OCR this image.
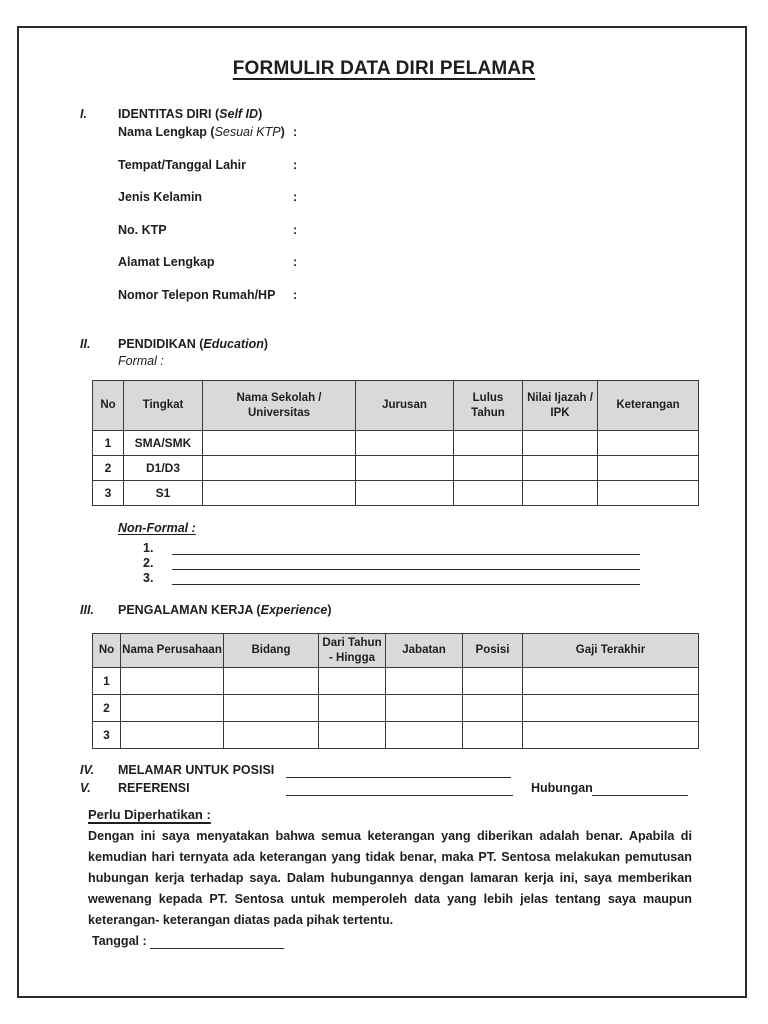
FORMULIR DATA DIRI PELAMAR
I. IDENTITAS DIRI (Self ID)
Nama Lengkap (Sesuai KTP) :
Tempat/Tanggal Lahir	:
Jenis Kelamin	:
No. KTP	:
Alamat Lengkap	:
Nomor Telepon Rumah/HP :
II. PENDIDIKAN (Education)
Formal :
No	Tingkat	Nama Sekolah / Universitas	Jurusan	Lulus Tahun	Nilai Ijazah / IPK	Keterangan
1	SMA/SMK					
2	D1/D3					
3	S1					
Non-Formal :
1.
2.
3.
III. PENGALAMAN KERJA (Experience)
No	Nama Perusahaan	Bidang	Dari Tahun - Hingga	Jabatan	Posisi	Gaji Terakhir
1						
2						
3						
IV. MELAMAR UNTUK POSISI
V. REFERENSI	Hubungan
Perlu Diperhatikan :
Dengan ini saya menyatakan bahwa semua keterangan yang diberikan adalah benar. Apabila di kemudian hari ternyata ada keterangan yang tidak benar, maka PT. Sentosa melakukan pemutusan hubungan kerja terhadap saya. Dalam hubungannya dengan lamaran kerja ini, saya memberikan wewenang kepada PT. Sentosa untuk memperoleh data yang lebih jelas tentang saya maupun keterangan- keterangan diatas pada pihak tertentu.
Tanggal :
